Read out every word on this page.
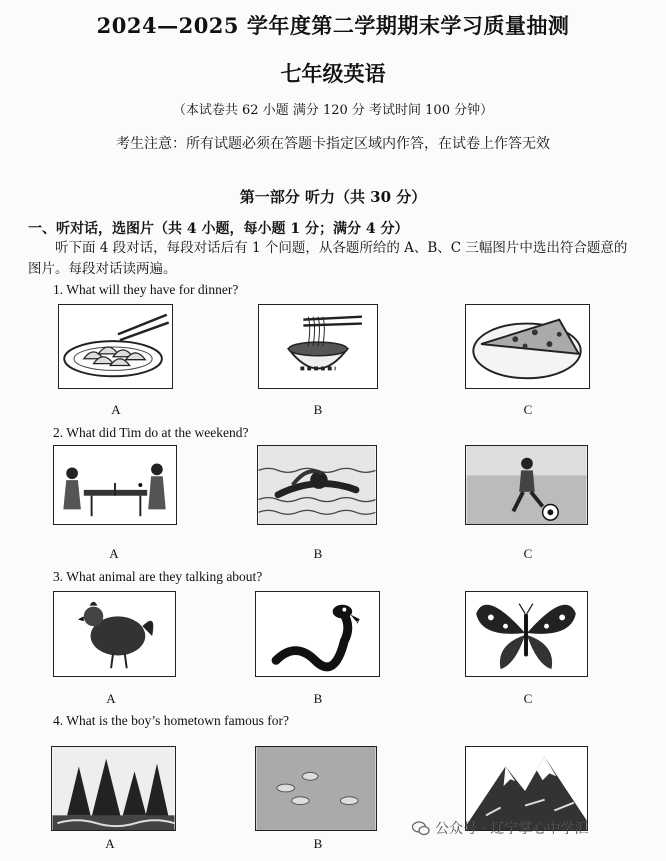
2024—2025 学年度第二学期期末学习质量抽测
七年级英语
（本试卷共 62 小题 满分 120 分 考试时间 100 分钟）
考生注意：所有试题必须在答题卡指定区域内作答，在试卷上作答无效
第一部分 听力（共 30 分）
一、听对话，选图片（共 4 小题，每小题 1 分；满分 4 分）
听下面 4 段对话，每段对话后有 1 个问题，从各题所给的 A、B、C 三幅图片中选出符合题意的图片。每段对话读两遍。
1. What will they have for dinner?
A	B	C
2. What did Tim do at the weekend?
A	B	C
3. What animal are they talking about?
A	B	C
4. What is the boy’s hometown famous for?
A	B
公众号 · 辽宁掌心中学汇
